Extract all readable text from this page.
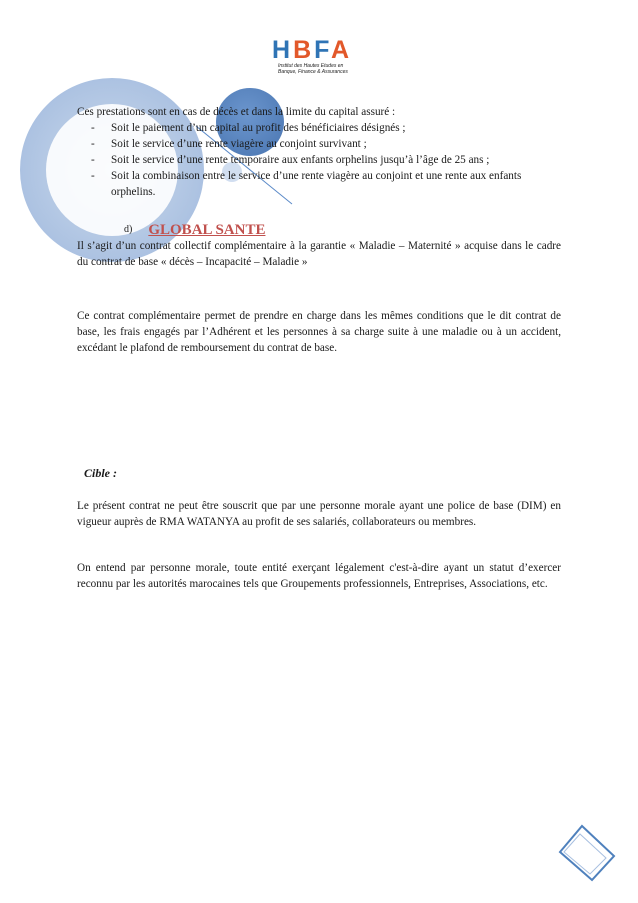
HBFA
Institut des Hautes Etudes en
Banque, Finance & Assurances
Ces prestations sont en cas de décès et dans la limite du capital assuré :
- Soit le paiement d’un capital au profit des bénéficiaires désignés ;
- Soit le service d’une rente viagère au conjoint survivant ;
- Soit le service d’une rente temporaire aux enfants orphelins jusqu’à l’âge de 25 ans ;
- Soit la combinaison entre le service d’une rente viagère au conjoint et une rente aux enfants orphelins.
d) GLOBAL SANTE

Il s’agit d’un contrat collectif complémentaire à la garantie « Maladie – Maternité » acquise dans le cadre du contrat de base « décès – Incapacité – Maladie »

Ce contrat complémentaire permet de prendre en charge dans les mêmes conditions que le dit contrat de base, les frais engagés par l’Adhérent et les personnes à sa charge suite à une maladie ou à un accident, excédant le plafond de remboursement du contrat de base.

Cible :

Le présent contrat ne peut être souscrit que par une personne morale ayant une police de base (DIM) en vigueur auprès de RMA WATANYA au profit de ses salariés, collaborateurs ou membres.

On entend par personne morale, toute entité exerçant légalement c'est-à-dire ayant un statut d’exercer reconnu par les autorités marocaines tels que Groupements professionnels, Entreprises, Associations, etc.
